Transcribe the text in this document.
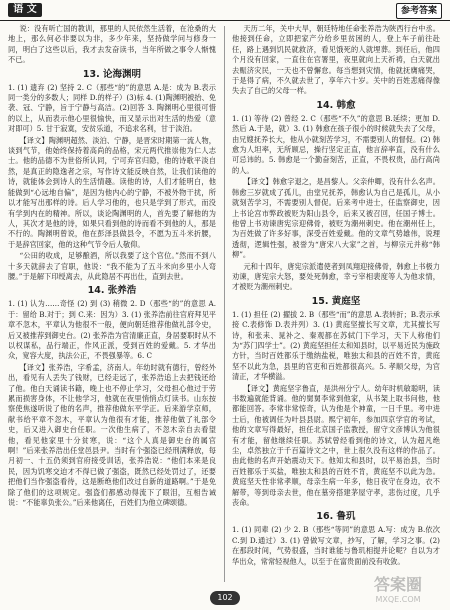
语 文	参考答案

说：没有听亡国的教训，那里的人民依然生活着，在沧桑的大地上，那么何必非要以为非，多少年来，坚持做学问与修身一同，明白了这些以后，我才去发奋读书，当年所做之事令人惭愧不已。

13. 论海渊明

1. (1) 遗弃 (2) 坚持 2. C（那些“的”的意思 A.是：成为 B.表示同一类分的多数人；同样 D.的样子）(3)标 4. (1)陶渊明被抬、免袭、冠、宁静，旨于宁静与高洁。(2)回答 3. 陶渊明心里很可惜的以上，从而表示他心里很愉快，而又显示出对生活的热爱（意对即可）5. 甘于寂寞，安贫乐道，不追求名利，甘于淡泊。

【译文】陶渊明超然、淡泊、宁静，是晋宋时期第一流人物，谈到气节，他始终保持着高尚的品格，宋元两代推崇他为仁人志士。他的品德不为世俗所认同，宁可弃官归隐，他的诗歌平淡自然，是真正的隐逸者之宗，写作诗文能反映自然，让我们读他的诗，就能体会到诗人的生活情趣。读他的诗，人们才能明白，他能做到“心远地自偏”，是因为他内心的宁静，不被外物干扰，所以才能写出那样的诗。后人学习他的，也只是学到了形式，而没有学到内在的精神。所以，谈论陶渊明的人，首先要了解他的为人，其次才是他的诗，如果只看到他的诗而看不到他的人，那是不行的。陶渊明曾说，他在彭泽县做县令，不愿为五斗米折腰，于是辞官回家，他的这种气节令后人敬仰。

“公田的收成，足够酿酒，所以我要了这个官位。”然而不到八十多天就辞去了官职，他说：“我不能为了五斗米向乡里小人弯腰。”于是解下印绶离去，从此隐居不再出仕，直到去世。

14. 张养浩

1. (1) 认为……奇怪 (2) 到 (3) 稍微 2. D（那些“的”的意思 A.于：留给 B.对于；到 C.来：因为）3. (1) 张养浩前往官府拜见平章不忽木，平章认为他很不一般，便向朝廷推荐他做礼部令史，后又被推荐到御史台。(2) 张养浩为官清廉正直，身居要职时从不以权谋私，品行端正，作风正派，受到百姓的爱戴。5. 才华出众，宽容大度，执法公正，不畏强暴等。6. C

【译文】张养浩，字希孟，济南人。年幼时就有德行，曾经外出，看见有人丢失了钱财，已经走远了，张养浩追上去把钱还给了他。他白天诵读书籍，晚上也不停止学习，父母担心他过于劳累而损害身体，不让他学习，他就在夜里悄悄点灯读书。山东按察使焦遂听说了他的名声，推荐他做东平学正。后来游学京师，献书给平章不忽木，平章认为他很有才能，推荐他做了礼部令史，后又进入御史台任职。一次他生病了，不忽木亲自去看望他，看见他家里十分贫寒，说：“这个人真是御史台的属官啊！”后来张养浩出任堂邑县尹。当时有个强盗已经刑满释放，每月初一、十五仍须到官府接受训话，张养浩说：“他们本来是良民，因为饥寒交迫才不得已做了强盗，既然已经处罚过了，还要把他们当作强盗看待，这是断绝他们改过自新的道路啊。”于是免除了他们的这项规定。强盗们都感动得流下了眼泪，互相告诫说：“不能辜负张公。”后来他离任，百姓们为他立碑颂德。

天历二年，关中大旱，朝廷特地任命张养浩为陕西行台中丞。他接到任命，立即把家产分给乡里贫困的人，登上车子前往赴任，路上遇到饥民就救济，看见饿死的人就埋葬。到任后，他四个月没有回家，一直住在官署里，夜里就向上天祈祷，白天就出去赈济灾民，一天也不曾懈怠。每当想到灾情，他就抚膺痛哭，于是得了病，不久就去世了，享年六十岁。关中的百姓悲痛得像失去了自己的父母一样。

14. 韩愈

1. (1) 等待 (2) 曾经 2. C（那些“不久”的意思 B.延续；更加 D.然后 A.于是，就）3. (1) 韩愈在孩子很小的时候就失去了父母，由兄嫂抚养长大，他从小就刻苦学习，不需要别人的督促。(2) 韩愈为人坦率，无所顾忌，操行坚定正直，他言辞率直，没有什么可忌讳的。5. 韩愈是一个勤奋刻苦，正直，不畏权贵，品行高尚的人。

【译文】韩愈字退之，是昌黎人。父亲仲卿，没有什么名声。韩愈三岁就成了孤儿，由堂兄抚养，韩愈认为自己是孤儿，从小就刻苦学习，不需要别人督促。后来考中进士，任监察御史，因上书论宫市弊政被贬为阳山县令，后来又被召回，任国子博士。他曾上书劝谏唐宪宗迎佛骨，被贬为潮州刺史。他在潮州任上，为百姓做了许多好事，深受百姓爱戴。他的文章气势雄伟，说理透彻，逻辑性强，被誉为“唐宋八大家”之首，与柳宗元并称“韩柳”。

元和十四年，唐宪宗派遣使者到凤翔迎接佛骨，韩愈上书极力劝谏，唐宪宗大怒，要处死韩愈，幸亏宰相裴度等人为他求情，才被贬为潮州刺史。

15. 黄庭坚

1. (1) 担任 (2) 擢拔 2. B（那些“而”的意思 A.表转折；B.表示承接 C.表修饰 D.表并列）3. (1) 黄庭坚擅长写文章，尤其擅长写诗，和张耒、晁补之、秦观都在苏轼门下学习，天下人称他们为“苏门四学士”。(2) 黄庭坚担任太和知县时，以平易近民为施政方针，当时百姓都乐于缴纳盐税，唯独太和县的百姓不肯，黄庭坚不以此为急，县里的官吏和百姓都很高兴。5. 孝顺父母，为官清正，才华横溢。

【译文】黄庭坚字鲁直，是洪州分宁人。幼年时机敏聪明，读书数遍就能背诵。他的舅舅李常到他家，从书架上取书问他，他都能回答。李常非常惊奇，认为他是个神童，一日千里。考中进士后，他被调任为叶县县尉。熙宁初年，参加四京学官的考试，他的文章写得最好，担任北京国子监教授，留守文彦博认为他很有才能，留他继续任职。苏轼曾经看到他的诗文，认为超凡绝尘，卓然独立于千百篇诗文之中，世上很久没有这样的作品了。由此他的名声开始震动天下。他知太和县时，以平易治县，当时百姓都乐于买盐，唯独太和县的百姓不肯，黄庭坚不以此为急。黄庭坚天性非常孝顺，母亲生病一年多，他日夜守在身边，衣不解带，等到母亲去世，他在墓旁搭建茅屋守孝，悲伤过度，几乎丧命。

16. 鲁玑

1. (1) 同辈 (2) 少 2. B（那些“等同”的意思 A.写：成为 B.依次 C.到 D.通过）3. (1) 曾做写文章，抄写，了解，学习之事。(2) 在那段时间，气势很盛，当时谁能与鲁玑相提并论呢？自以为才华出众，常常轻视他人，以至于在富贵面前没有收敛。

102
答案圈
MXQE.COM
